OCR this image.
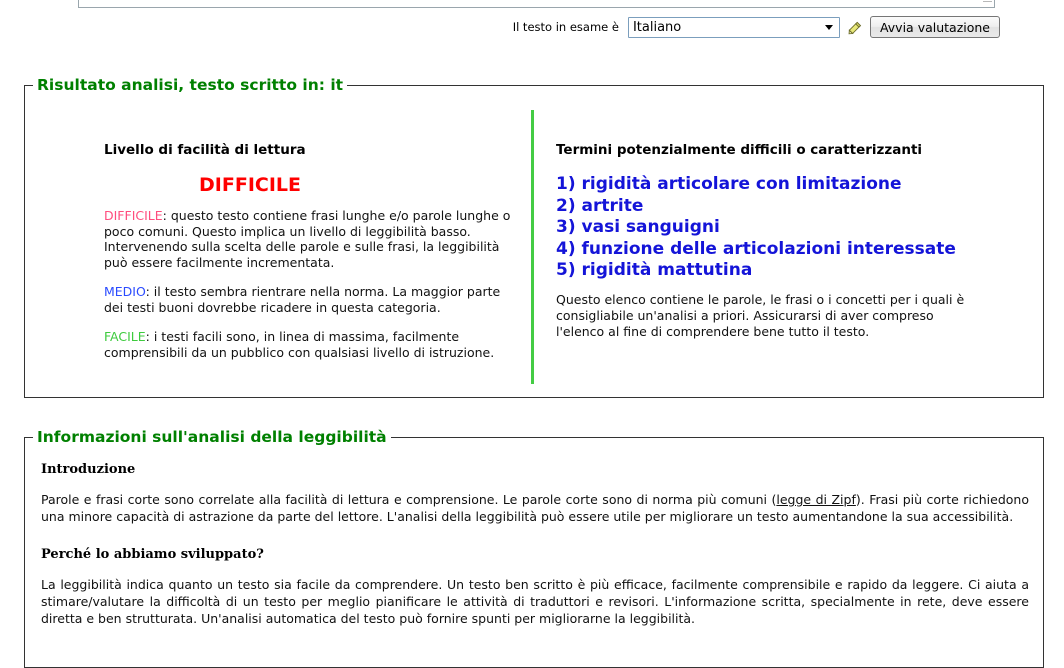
Il testo in esame è Italiano	Avvia valutazione
Risultato analisi, testo scritto in: it
Livello di facilità di lettura
DIFFICILE

DIFFICILE: questo testo contiene frasi lunghe e/o parole lunghe o poco comuni. Questo implica un livello di leggibilità basso. Intervenendo sulla scelta delle parole e sulle frasi, la leggibilità può essere facilmente incrementata.

MEDIO: il testo sembra rientrare nella norma. La maggior parte dei testi buoni dovrebbe ricadere in questa categoria.

FACILE: i testi facili sono, in linea di massima, facilmente comprensibili da un pubblico con qualsiasi livello di istruzione.

Termini potenzialmente difficili o caratterizzanti
1) rigidità articolare con limitazione
2) artrite
3) vasi sanguigni
4) funzione delle articolazioni interessate
5) rigidità mattutina

Questo elenco contiene le parole, le frasi o i concetti per i quali è consigliabile un'analisi a priori. Assicurarsi di aver compreso l'elenco al fine di comprendere bene tutto il testo.

Informazioni sull'analisi della leggibilità
Introduzione

Parole e frasi corte sono correlate alla facilità di lettura e comprensione. Le parole corte sono di norma più comuni (legge di Zipf). Frasi più corte richiedono una minore capacità di astrazione da parte del lettore. L'analisi della leggibilità può essere utile per migliorare un testo aumentandone la sua accessibilità.

Perché lo abbiamo sviluppato?

La leggibilità indica quanto un testo sia facile da comprendere. Un testo ben scritto è più efficace, facilmente comprensibile e rapido da leggere. Ci aiuta a stimare/valutare la difficoltà di un testo per meglio pianificare le attività di traduttori e revisori. L'informazione scritta, specialmente in rete, deve essere diretta e ben strutturata. Un'analisi automatica del testo può fornire spunti per migliorarne la leggibilità.
